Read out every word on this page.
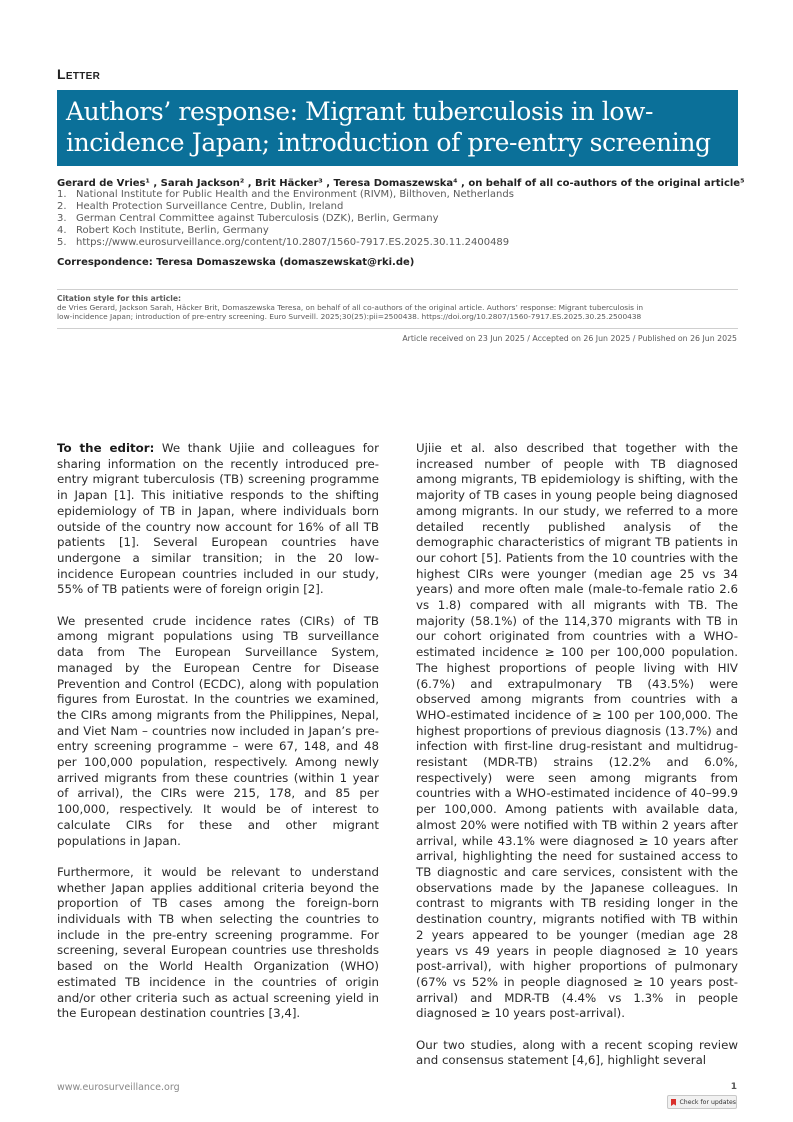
Letter
Authors’ response: Migrant tuberculosis in low-incidence Japan; introduction of pre-entry screening
Gerard de Vries¹ , Sarah Jackson² , Brit Häcker³ , Teresa Domaszewska⁴ , on behalf of all co-authors of the original article⁵
1. National Institute for Public Health and the Environment (RIVM), Bilthoven, Netherlands
2. Health Protection Surveillance Centre, Dublin, Ireland
3. German Central Committee against Tuberculosis (DZK), Berlin, Germany
4. Robert Koch Institute, Berlin, Germany
5. https://www.eurosurveillance.org/content/10.2807/1560-7917.ES.2025.30.11.2400489
Correspondence: Teresa Domaszewska (domaszewskat@rki.de)
Citation style for this article:
de Vries Gerard, Jackson Sarah, Häcker Brit, Domaszewska Teresa, on behalf of all co-authors of the original article. Authors’ response: Migrant tuberculosis in
low-incidence Japan; introduction of pre-entry screening. Euro Surveill. 2025;30(25):pii=2500438. https://doi.org/10.2807/1560-7917.ES.2025.30.25.2500438
Article received on 23 Jun 2025 / Accepted on 26 Jun 2025 / Published on 26 Jun 2025

To the editor: We thank Ujiie and colleagues for sharing information on the recently introduced pre-entry migrant tuberculosis (TB) screening programme in Japan [1]. This initiative responds to the shifting epidemiology of TB in Japan, where individuals born outside of the country now account for 16% of all TB patients [1]. Several European countries have undergone a similar transition; in the 20 low-incidence European countries included in our study, 55% of TB patients were of foreign origin [2].

We presented crude incidence rates (CIRs) of TB among migrant populations using TB surveillance data from The European Surveillance System, managed by the European Centre for Disease Prevention and Control (ECDC), along with population figures from Eurostat. In the countries we examined, the CIRs among migrants from the Philippines, Nepal, and Viet Nam – countries now included in Japan’s pre-entry screening programme – were 67, 148, and 48 per 100,000 population, respectively. Among newly arrived migrants from these countries (within 1 year of arrival), the CIRs were 215, 178, and 85 per 100,000, respectively. It would be of interest to calculate CIRs for these and other migrant populations in Japan.

Furthermore, it would be relevant to understand whether Japan applies additional criteria beyond the proportion of TB cases among the foreign-born individuals with TB when selecting the countries to include in the pre-entry screening programme. For screening, several European countries use thresholds based on the World Health Organization (WHO) estimated TB incidence in the countries of origin and/or other criteria such as actual screening yield in the European destination countries [3,4].

Ujiie et al. also described that together with the increased number of people with TB diagnosed among migrants, TB epidemiology is shifting, with the majority of TB cases in young people being diagnosed among migrants. In our study, we referred to a more detailed recently published analysis of the demographic characteristics of migrant TB patients in our cohort [5]. Patients from the 10 countries with the highest CIRs were younger (median age 25 vs 34 years) and more often male (male-to-female ratio 2.6 vs 1.8) compared with all migrants with TB. The majority (58.1%) of the 114,370 migrants with TB in our cohort originated from countries with a WHO-estimated incidence ≥ 100 per 100,000 population. The highest proportions of people living with HIV (6.7%) and extrapulmonary TB (43.5%) were observed among migrants from countries with a WHO-estimated incidence of ≥ 100 per 100,000. The highest proportions of previous diagnosis (13.7%) and infection with first-line drug-resistant and multidrug-resistant (MDR-TB) strains (12.2% and 6.0%, respectively) were seen among migrants from countries with a WHO-estimated incidence of 40–99.9 per 100,000. Among patients with available data, almost 20% were notified with TB within 2 years after arrival, while 43.1% were diagnosed ≥ 10 years after arrival, highlighting the need for sustained access to TB diagnostic and care services, consistent with the observations made by the Japanese colleagues. In contrast to migrants with TB residing longer in the destination country, migrants notified with TB within 2 years appeared to be younger (median age 28 years vs 49 years in people diagnosed ≥ 10 years post-arrival), with higher proportions of pulmonary (67% vs 52% in people diagnosed ≥ 10 years post-arrival) and MDR-TB (4.4% vs 1.3% in people diagnosed ≥ 10 years post-arrival).

Our two studies, along with a recent scoping review and consensus statement [4,6], highlight several

www.eurosurveillance.org	1
Check for updates
